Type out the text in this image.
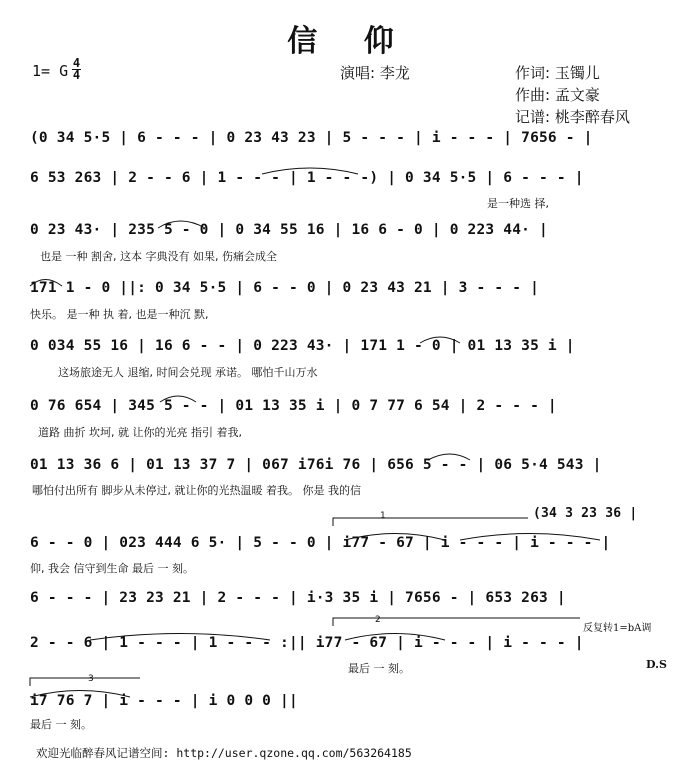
信 仰
1= G 4
4	演唱: 李龙	作词: 玉镯儿
作曲: 孟文豪
记谱: 桃李醉春风
(0 34 5·5 | 6 - - - | 0 23 43 23 | 5 - - - | i - - - | 7656 - |
6 53 263 | 2 - - 6 | 1 - - - | 1 - - -) | 0 34 5·5 | 6 - - - |
是一种选 择,
0 23 43· | 235 5 - 0 | 0 34 55 16 | 16 6 - 0 | 0 223 44· |
也是 一种 割舍, 这本 字典没有 如果, 伤痛会成全
171 1 - 0 ||: 0 34 5·5 | 6 - - 0 | 0 23 43 21 | 3 - - - |
快乐。 是一种 执 着, 也是一种沉 默,
0 034 55 16 | 16 6 - - | 0 223 43· | 171 1 - 0 | 01 13 35 i |
这场旅途无人 退缩, 时间会兑现 承诺。 哪怕千山万水
0 76 654 | 345 5 - - | 01 13 35 i | 0 7 77 6 54 | 2 - - - |
道路 曲折 坎坷, 就 让你的光亮 指引 着我,
01 13 36 6 | 01 13 37 7 | 067 i76i 76 | 656 5 - - | 06 5·4 543 |
哪怕付出所有 脚步从未停过, 就让你的光热温暖 着我。 你是 我的信
(34 3 23 36 |
1
6 - - 0 | 023 444 6 5· | 5 - - 0 | i77 - 67 | i - - - | i - - - |
仰, 我会 信守到生命 最后 一 刻。
6 - - - | 23 23 21 | 2 - - - | i·3 35 i | 7656 - | 653 263 |
2
反复转1=bA调
2 - - 6 | 1 - - - | 1 - - - :|| i77 - 67 | i - - - | i - - - |
最后 一 刻。	D.S
3
i7 76 7 | i - - - | i 0 0 0 ||
最后 一 刻。
欢迎光临醉春风记谱空间: http://user.qzone.qq.com/563264185
